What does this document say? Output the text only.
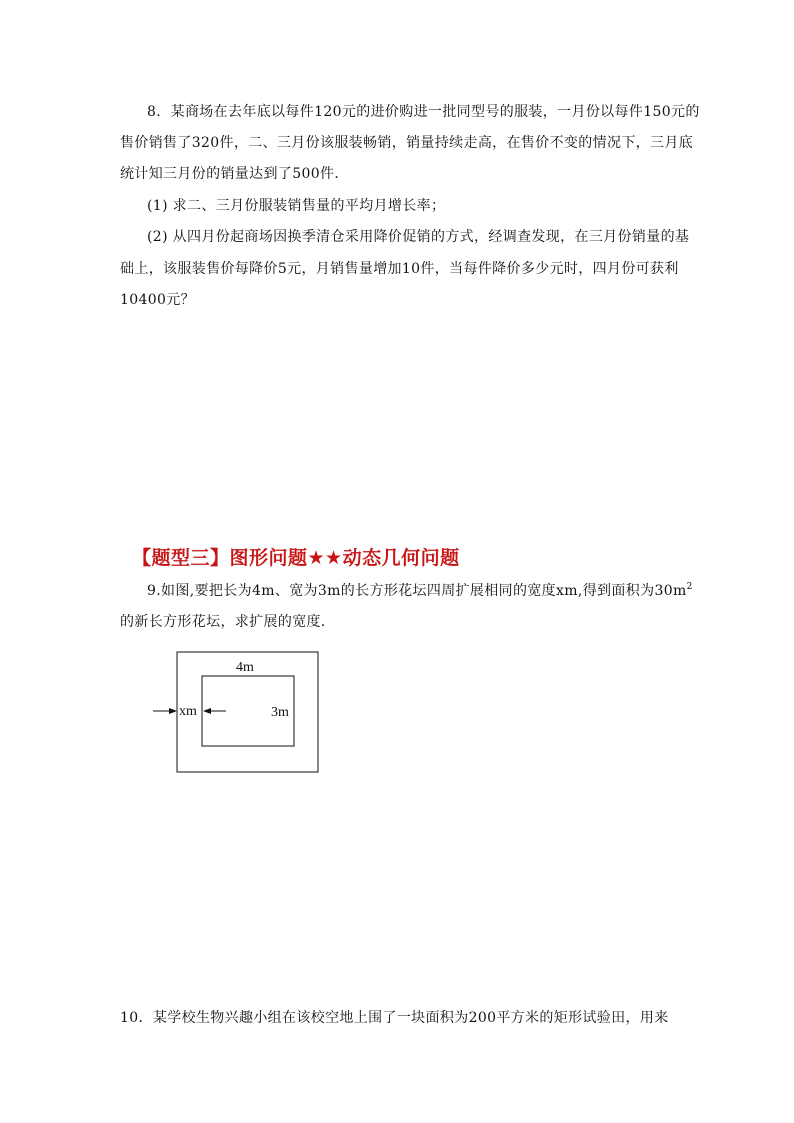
8．某商场在去年底以每件120元的进价购进一批同型号的服装，一月份以每件150元的
售价销售了320件，二、三月份该服装畅销，销量持续走高，在售价不变的情况下，三月底
统计知三月份的销量达到了500件．
(1) 求二、三月份服装销售量的平均月增长率；
(2) 从四月份起商场因换季清仓采用降价促销的方式，经调查发现，在三月份销量的基
础上，该服装售价每降价5元，月销售量增加10件，当每件降价多少元时，四月份可获利
10400元？
【题型三】图形问题★★动态几何问题
9.如图,要把长为4m、宽为3m的长方形花坛四周扩展相同的宽度xm,得到面积为$30m^2$
的新长方形花坛，求扩展的宽度．
4m
3m
xm
10．某学校生物兴趣小组在该校空地上围了一块面积为200平方米的矩形试验田，用来
